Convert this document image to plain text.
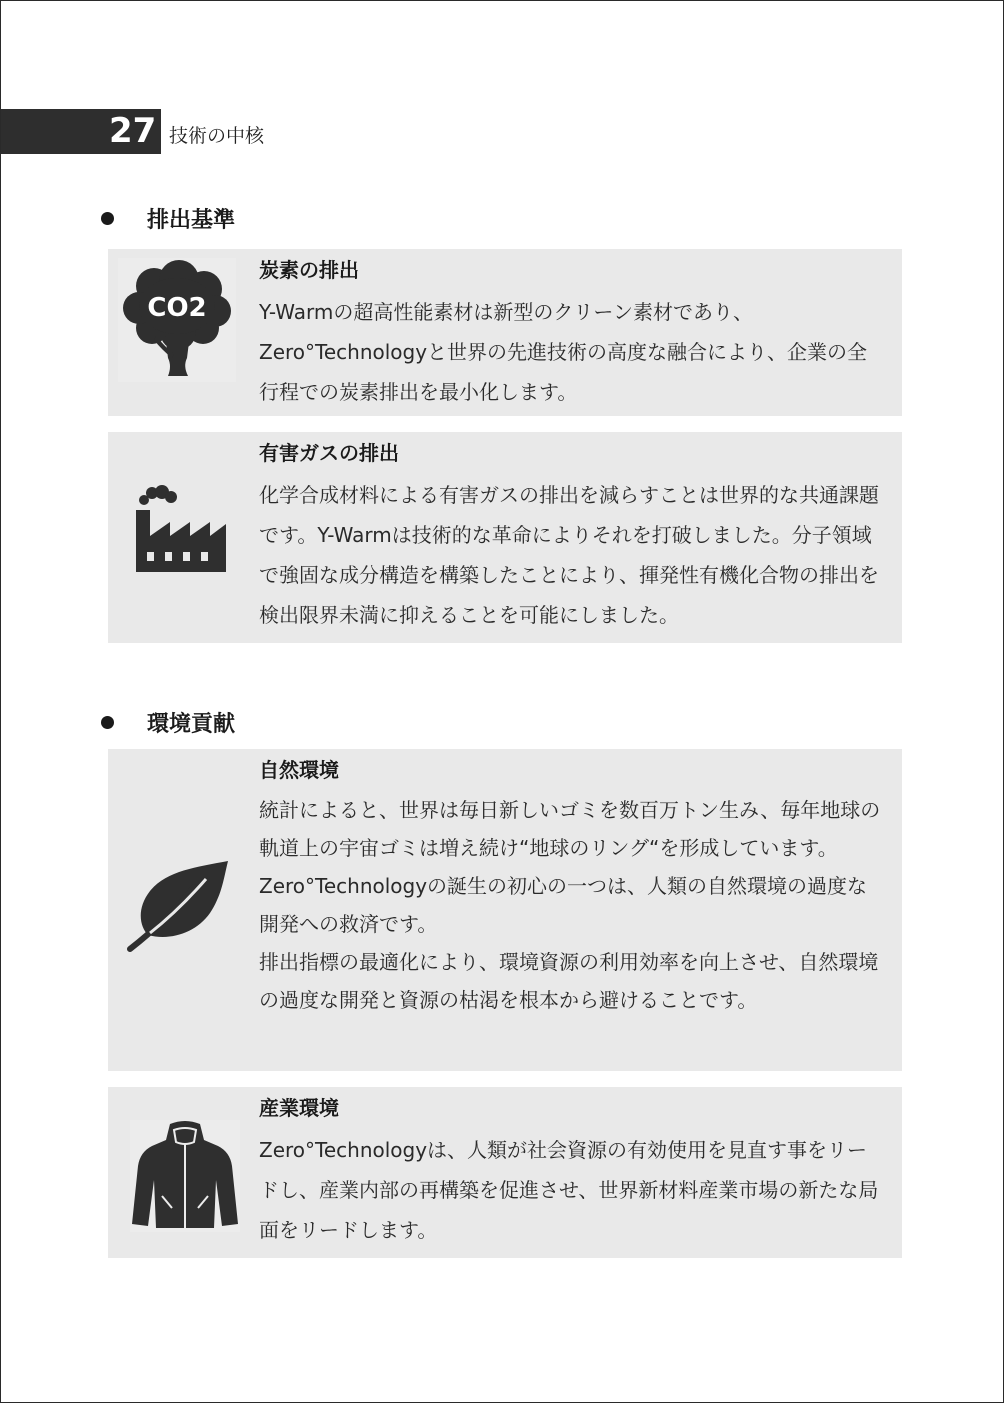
27 技術の中核
排出基準
CO2
炭素の排出

Y-Warmの超高性能素材は新型のクリーン素材であり、Zero°Technologyと世界の先進技術の高度な融合により、企業の全行程での炭素排出を最小化します。

有害ガスの排出

化学合成材料による有害ガスの排出を減らすことは世界的な共通課題です。Y-Warmは技術的な革命によりそれを打破しました。分子領域で強固な成分構造を構築したことにより、揮発性有機化合物の排出を検出限界未満に抑えることを可能にしました。

環境貢献
自然環境

統計によると、世界は毎日新しいゴミを数百万トン生み、毎年地球の軌道上の宇宙ゴミは増え続け“地球のリング“を形成しています。

Zero°Technologyの誕生の初心の一つは、人類の自然環境の過度な開発への救済です。

排出指標の最適化により、環境資源の利用効率を向上させ、自然環境の過度な開発と資源の枯渇を根本から避けることです。

産業環境

Zero°Technologyは、人類が社会資源の有効使用を見直す事をリードし、産業内部の再構築を促進させ、世界新材料産業市場の新たな局面をリードします。
